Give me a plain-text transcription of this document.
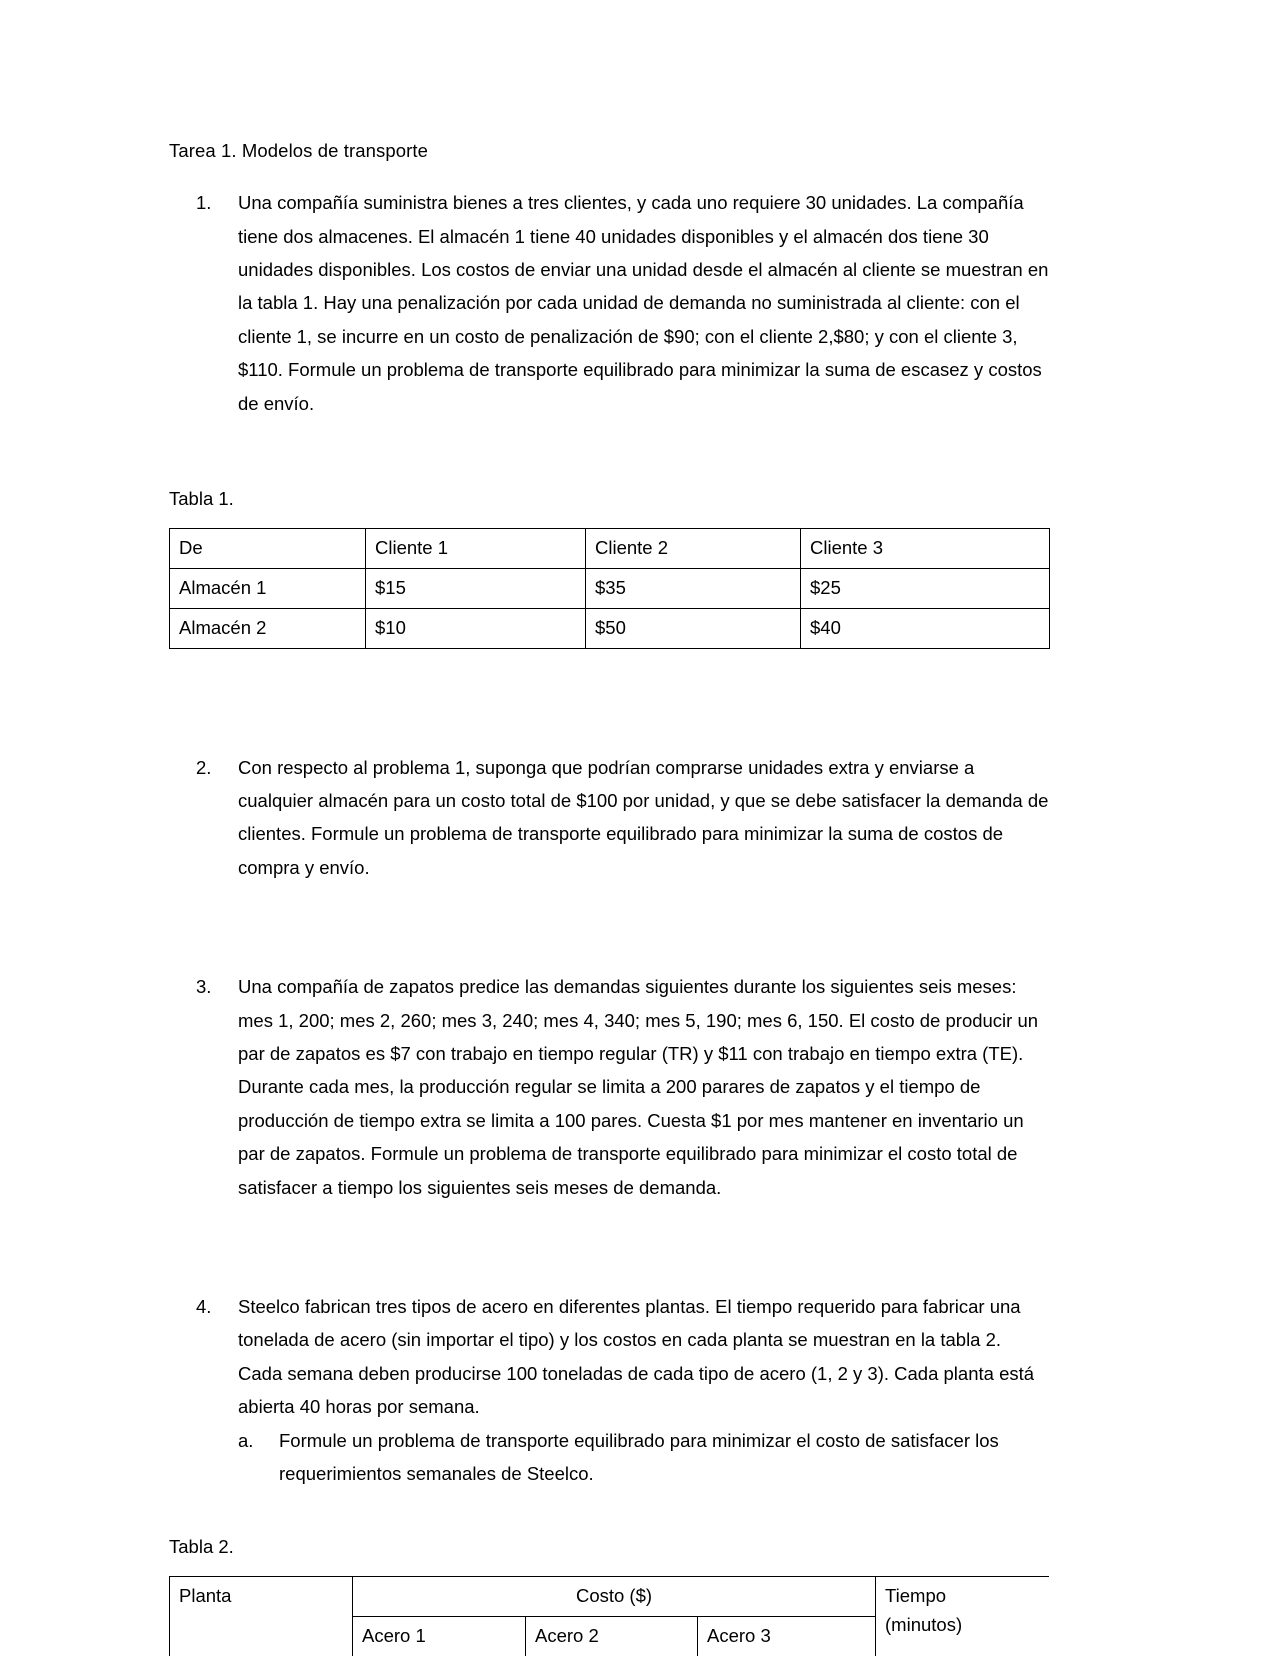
Tarea 1. Modelos de transporte
1.	Una compañía suministra bienes a tres clientes, y cada uno requiere 30 unidades. La compañía tiene dos almacenes. El almacén 1 tiene 40 unidades disponibles y el almacén dos tiene 30 unidades disponibles. Los costos de enviar una unidad desde el almacén al cliente se muestran en la tabla 1. Hay una penalización por cada unidad de demanda no suministrada al cliente: con el cliente 1, se incurre en un costo de penalización de $90; con el cliente 2,$80; y con el cliente 3, $110. Formule un problema de transporte equilibrado para minimizar la suma de escasez y costos de envío.

Tabla 1.
De	Cliente 1	Cliente 2	Cliente 3
Almacén 1	$15	$35	$25
Almacén 2	$10	$50	$40
2.	Con respecto al problema 1, suponga que podrían comprarse unidades extra y enviarse a cualquier almacén para un costo total de $100 por unidad, y que se debe satisfacer la demanda de clientes. Formule un problema de transporte equilibrado para minimizar la suma de costos de compra y envío.

3.	Una compañía de zapatos predice las demandas siguientes durante los siguientes seis meses: mes 1, 200; mes 2, 260; mes 3, 240; mes 4, 340; mes 5, 190; mes 6, 150. El costo de producir un par de zapatos es $7 con trabajo en tiempo regular (TR) y $11 con trabajo en tiempo extra (TE). Durante cada mes, la producción regular se limita a 200 parares de zapatos y el tiempo de producción de tiempo extra se limita a 100 pares. Cuesta $1 por mes mantener en inventario un par de zapatos. Formule un problema de transporte equilibrado para minimizar el costo total de satisfacer a tiempo los siguientes seis meses de demanda.

4.	Steelco fabrican tres tipos de acero en diferentes plantas. El tiempo requerido para fabricar una tonelada de acero (sin importar el tipo) y los costos en cada planta se muestran en la tabla 2. Cada semana deben producirse 100 toneladas de cada tipo de acero (1, 2 y 3). Cada planta está abierta 40 horas por semana.

a.	Formule un problema de transporte equilibrado para minimizar el costo de satisfacer los requerimientos semanales de Steelco.

Tabla 2.
Planta	Costo ($)			Tiempo
(minutos)
	Acero 1	Acero 2	Acero 3	
